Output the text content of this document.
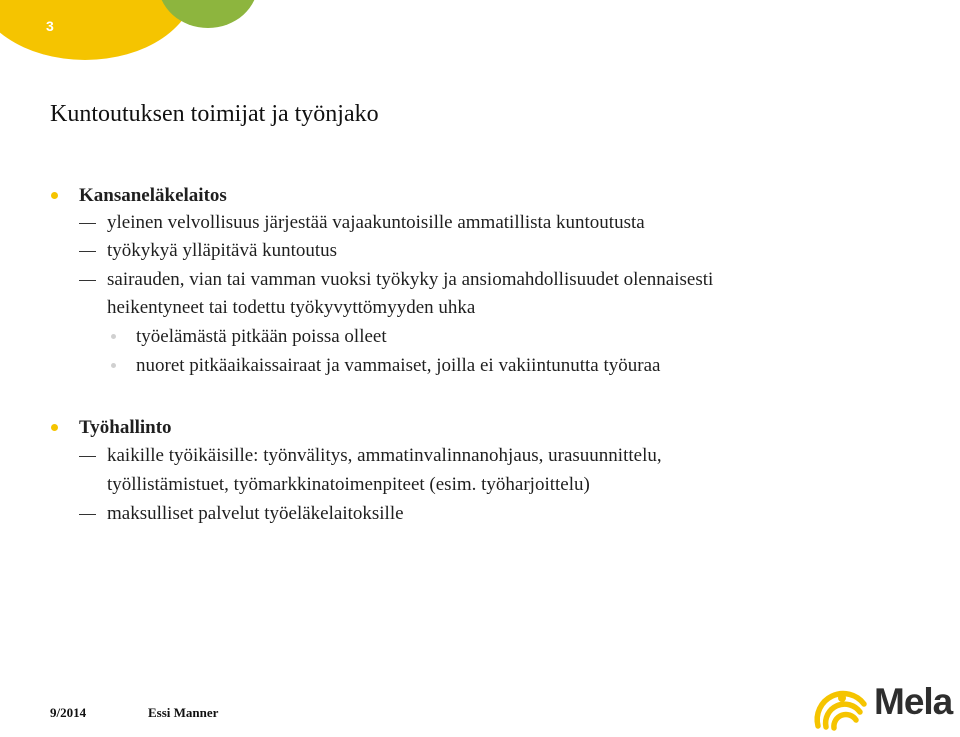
3
Kuntoutuksen toimijat ja työnjako
Kansaneläkelaitos
yleinen velvollisuus järjestää vajaakuntoisille ammatillista kuntoutusta
työkykyä ylläpitävä kuntoutus
sairauden, vian tai vamman vuoksi työkyky ja ansiomahdollisuudet olennaisesti
heikentyneet tai todettu työkyvyttömyyden uhka
työelämästä pitkään poissa olleet
nuoret pitkäaikaissairaat ja vammaiset, joilla ei vakiintunutta työuraa
Työhallinto
kaikille työikäisille: työnvälitys, ammatinvalinnanohjaus, urasuunnittelu,
työllistämistuet, työmarkkinatoimenpiteet (esim. työharjoittelu)
maksulliset palvelut työeläkelaitoksille
9/2014	Essi Manner	Mela
